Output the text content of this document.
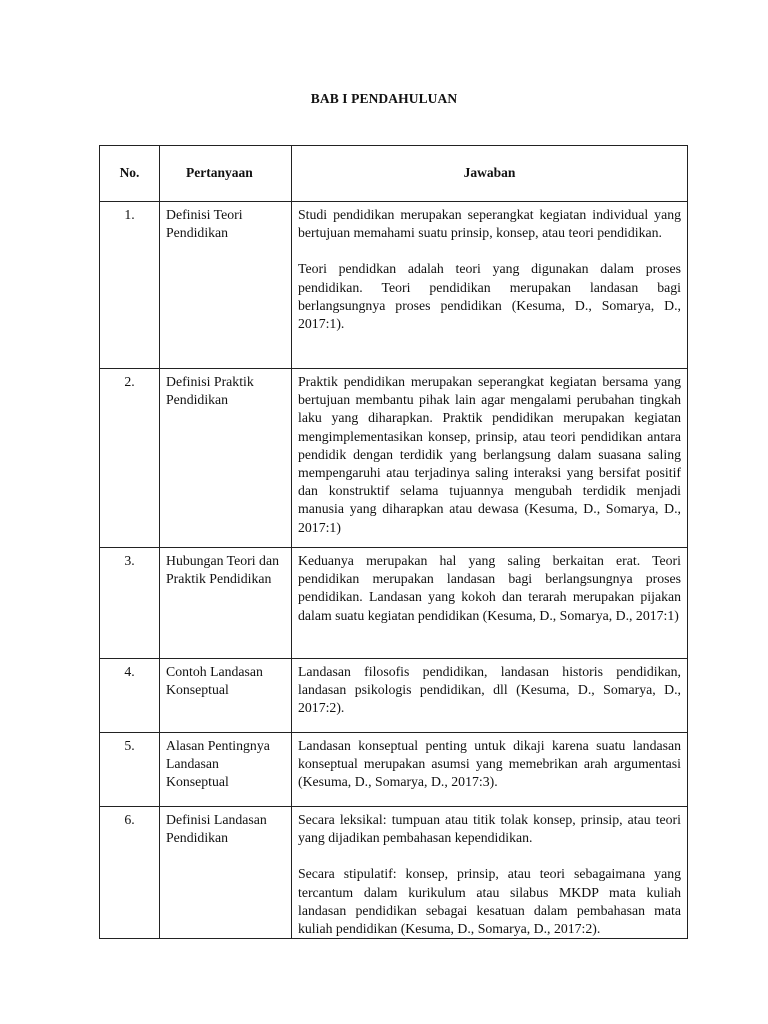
BAB I PENDAHULUAN
No.	Pertanyaan	Jawaban
1.	Definisi Teori Pendidikan	Studi pendidikan merupakan seperangkat kegiatan individual yang bertujuan memahami suatu prinsip, konsep, atau teori pendidikan.

Teori pendidkan adalah teori yang digunakan dalam proses pendidikan. Teori pendidikan merupakan landasan bagi berlangsungnya proses pendidikan (Kesuma, D., Somarya, D., 2017:1).

2.	Definisi Praktik Pendidikan	Praktik pendidikan merupakan seperangkat kegiatan bersama yang bertujuan membantu pihak lain agar mengalami perubahan tingkah laku yang diharapkan. Praktik pendidikan merupakan kegiatan mengimplementasikan konsep, prinsip, atau teori pendidikan antara pendidik dengan terdidik yang berlangsung dalam suasana saling mempengaruhi atau terjadinya saling interaksi yang bersifat positif dan konstruktif selama tujuannya mengubah terdidik menjadi manusia yang diharapkan atau dewasa (Kesuma, D., Somarya, D., 2017:1)

3.	Hubungan Teori dan Praktik Pendidikan	Keduanya merupakan hal yang saling berkaitan erat. Teori pendidikan merupakan landasan bagi berlangsungnya proses pendidikan. Landasan yang kokoh dan terarah merupakan pijakan dalam suatu kegiatan pendidikan (Kesuma, D., Somarya, D., 2017:1)

4.	Contoh Landasan Konseptual	Landasan filosofis pendidikan, landasan historis pendidikan, landasan psikologis pendidikan, dll (Kesuma, D., Somarya, D., 2017:2).

5.	Alasan Pentingnya Landasan Konseptual	Landasan konseptual penting untuk dikaji karena suatu landasan konseptual merupakan asumsi yang memebrikan arah argumentasi (Kesuma, D., Somarya, D., 2017:3).

6.	Definisi Landasan Pendidikan	Secara leksikal: tumpuan atau titik tolak konsep, prinsip, atau teori yang dijadikan pembahasan kependidikan.

Secara stipulatif: konsep, prinsip, atau teori sebagaimana yang tercantum dalam kurikulum atau silabus MKDP mata kuliah landasan pendidikan sebagai kesatuan dalam pembahasan mata kuliah pendidikan (Kesuma, D., Somarya, D., 2017:2).
